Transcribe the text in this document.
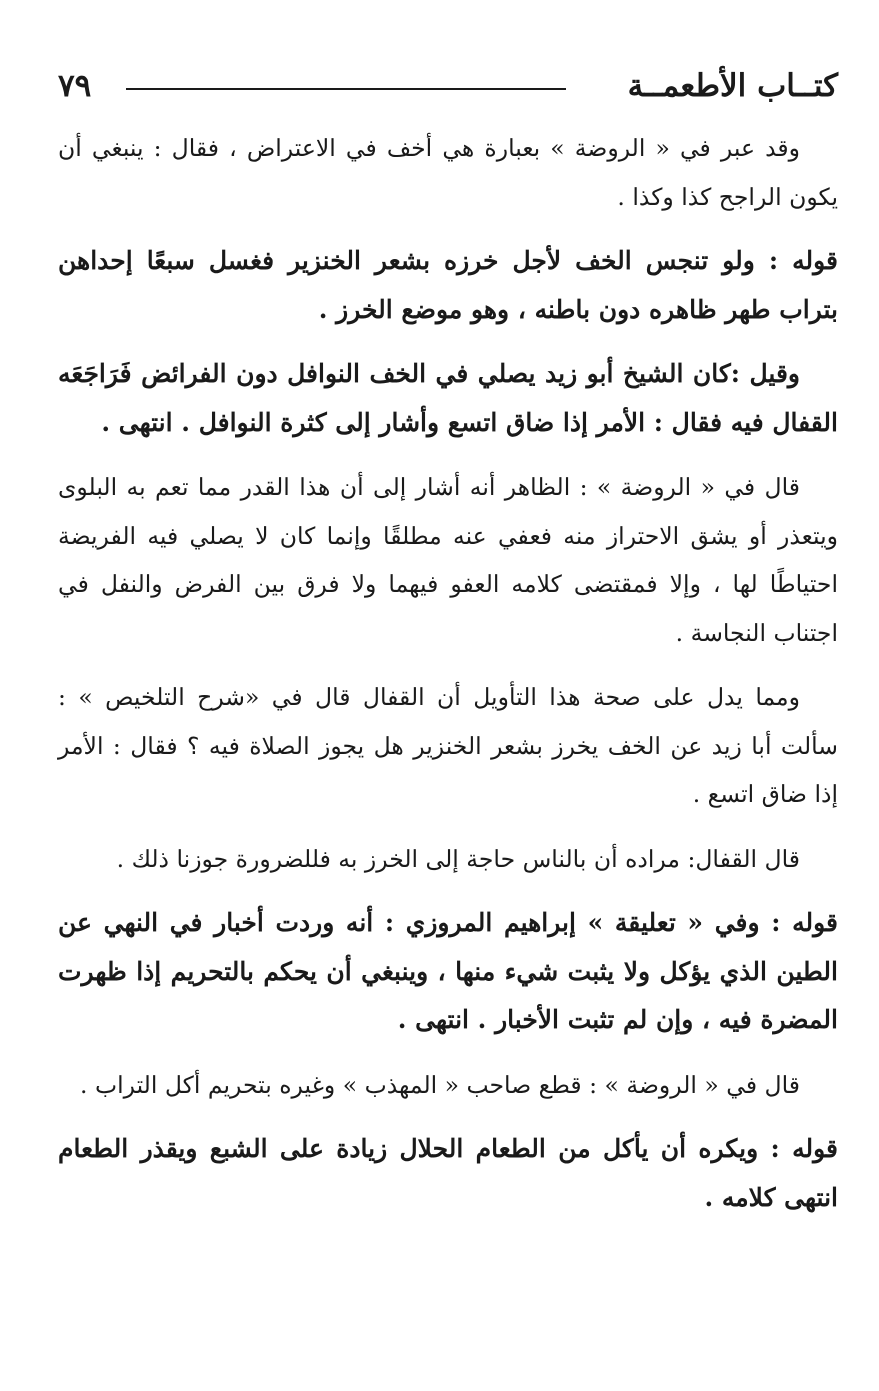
كتــاب الأطعمــة
٧٩

وقد عبر في « الروضة » بعبارة هي أخف في الاعتراض ، فقال : ينبغي أن يكون الراجح كذا وكذا .

قوله : ولو تنجس الخف لأجل خرزه بشعر الخنزير فغسل سبعًا إحداهن بتراب طهر ظاهره دون باطنه ، وهو موضع الخرز .

وقيل :كان الشيخ أبو زيد يصلي في الخف النوافل دون الفرائض فَرَاجَعَه القفال فيه فقال : الأمر إذا ضاق اتسع وأشار إلى كثرة النوافل . انتهى .

قال في « الروضة » : الظاهر أنه أشار إلى أن هذا القدر مما تعم به البلوى ويتعذر أو يشق الاحتراز منه فعفي عنه مطلقًا وإنما كان لا يصلي فيه الفريضة احتياطًا لها ، وإلا فمقتضى كلامه العفو فيهما ولا فرق بين الفرض والنفل في اجتناب النجاسة .

ومما يدل على صحة هذا التأويل أن القفال قال في «شرح التلخيص » : سألت أبا زيد عن الخف يخرز بشعر الخنزير هل يجوز الصلاة فيه ؟ فقال : الأمر إذا ضاق اتسع .

قال القفال: مراده أن بالناس حاجة إلى الخرز به فللضرورة جوزنا ذلك .

قوله : وفي « تعليقة » إبراهيم المروزي : أنه وردت أخبار في النهي عن الطين الذي يؤكل ولا يثبت شيء منها ، وينبغي أن يحكم بالتحريم إذا ظهرت المضرة فيه ، وإن لم تثبت الأخبار . انتهى .

قال في « الروضة » : قطع صاحب « المهذب » وغيره بتحريم أكل التراب .

قوله : ويكره أن يأكل من الطعام الحلال زيادة على الشبع ويقذر الطعام انتهى كلامه .
